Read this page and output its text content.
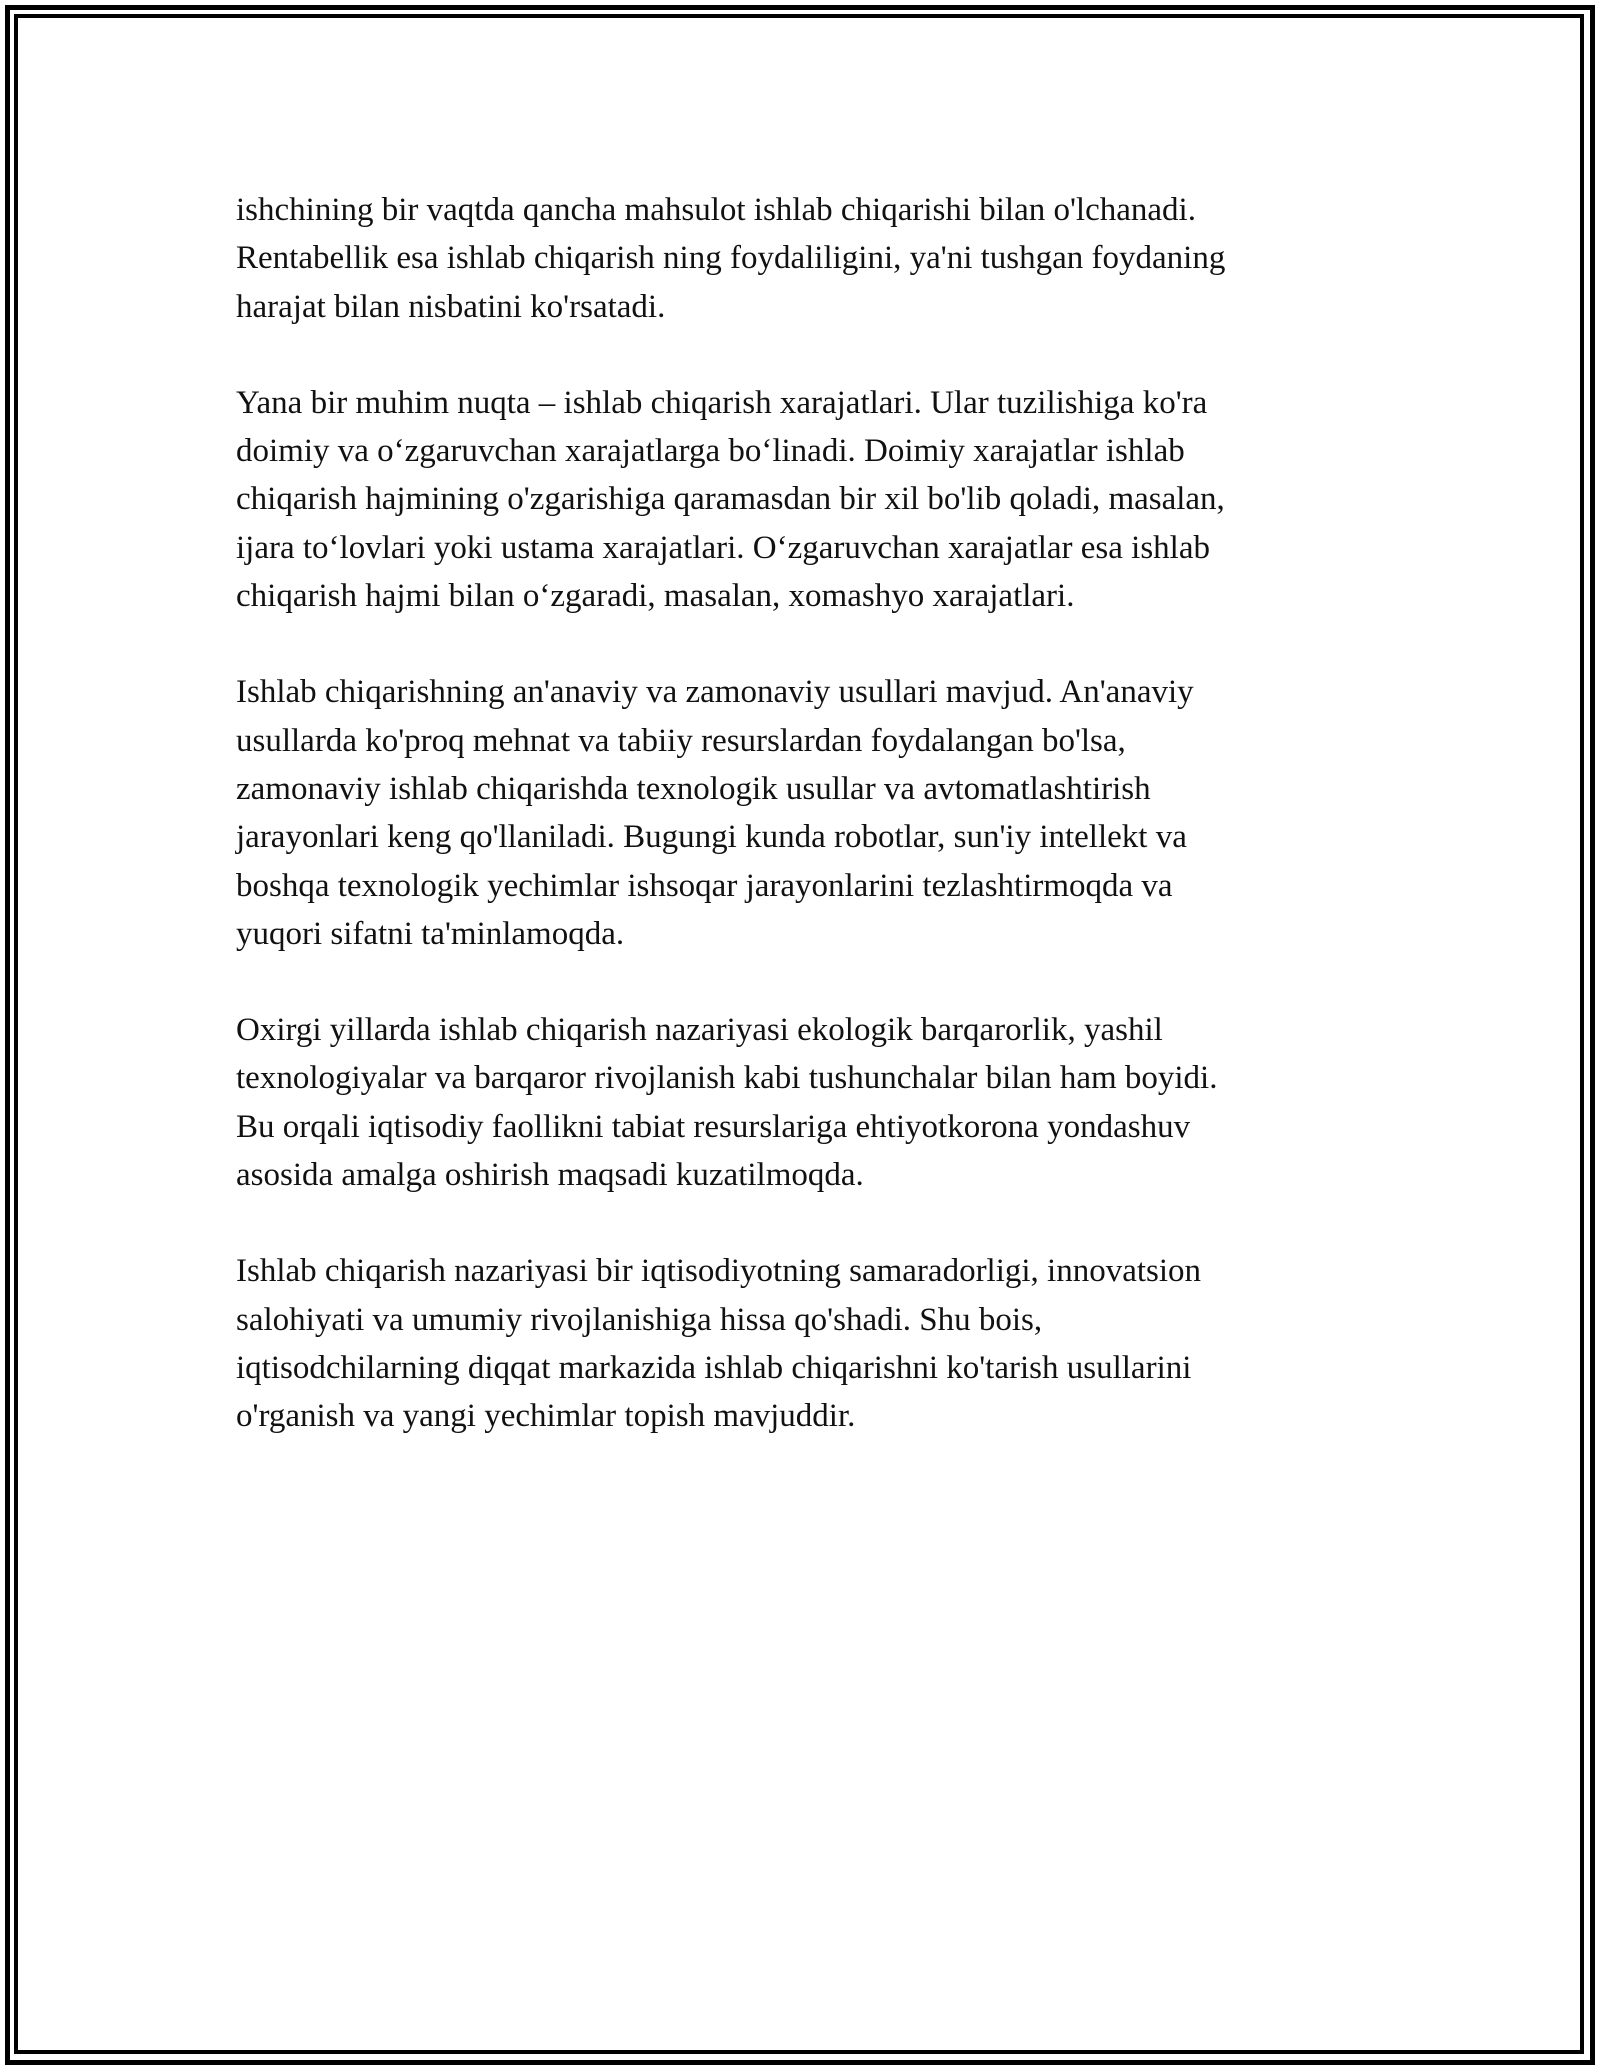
ishchining bir vaqtda qancha mahsulot ishlab chiqarishi bilan o'lchanadi.
Rentabellik esa ishlab chiqarish ning foydaliligini, ya'ni tushgan foydaning
harajat bilan nisbatini ko'rsatadi.

Yana bir muhim nuqta – ishlab chiqarish xarajatlari. Ular tuzilishiga ko'ra
doimiy va o‘zgaruvchan xarajatlarga bo‘linadi. Doimiy xarajatlar ishlab
chiqarish hajmining o'zgarishiga qaramasdan bir xil bo'lib qoladi, masalan,
ijara to‘lovlari yoki ustama xarajatlari. O‘zgaruvchan xarajatlar esa ishlab
chiqarish hajmi bilan o‘zgaradi, masalan, xomashyo xarajatlari.

Ishlab chiqarishning an'anaviy va zamonaviy usullari mavjud. An'anaviy
usullarda ko'proq mehnat va tabiiy resurslardan foydalangan bo'lsa,
zamonaviy ishlab chiqarishda texnologik usullar va avtomatlashtirish
jarayonlari keng qo'llaniladi. Bugungi kunda robotlar, sun'iy intellekt va
boshqa texnologik yechimlar ishsoqar jarayonlarini tezlashtirmoqda va
yuqori sifatni ta'minlamoqda.

Oxirgi yillarda ishlab chiqarish nazariyasi ekologik barqarorlik, yashil
texnologiyalar va barqaror rivojlanish kabi tushunchalar bilan ham boyidi.
Bu orqali iqtisodiy faollikni tabiat resurslariga ehtiyotkorona yondashuv
asosida amalga oshirish maqsadi kuzatilmoqda.

Ishlab chiqarish nazariyasi bir iqtisodiyotning samaradorligi, innovatsion
salohiyati va umumiy rivojlanishiga hissa qo'shadi. Shu bois,
iqtisodchilarning diqqat markazida ishlab chiqarishni ko'tarish usullarini
o'rganish va yangi yechimlar topish mavjuddir.
